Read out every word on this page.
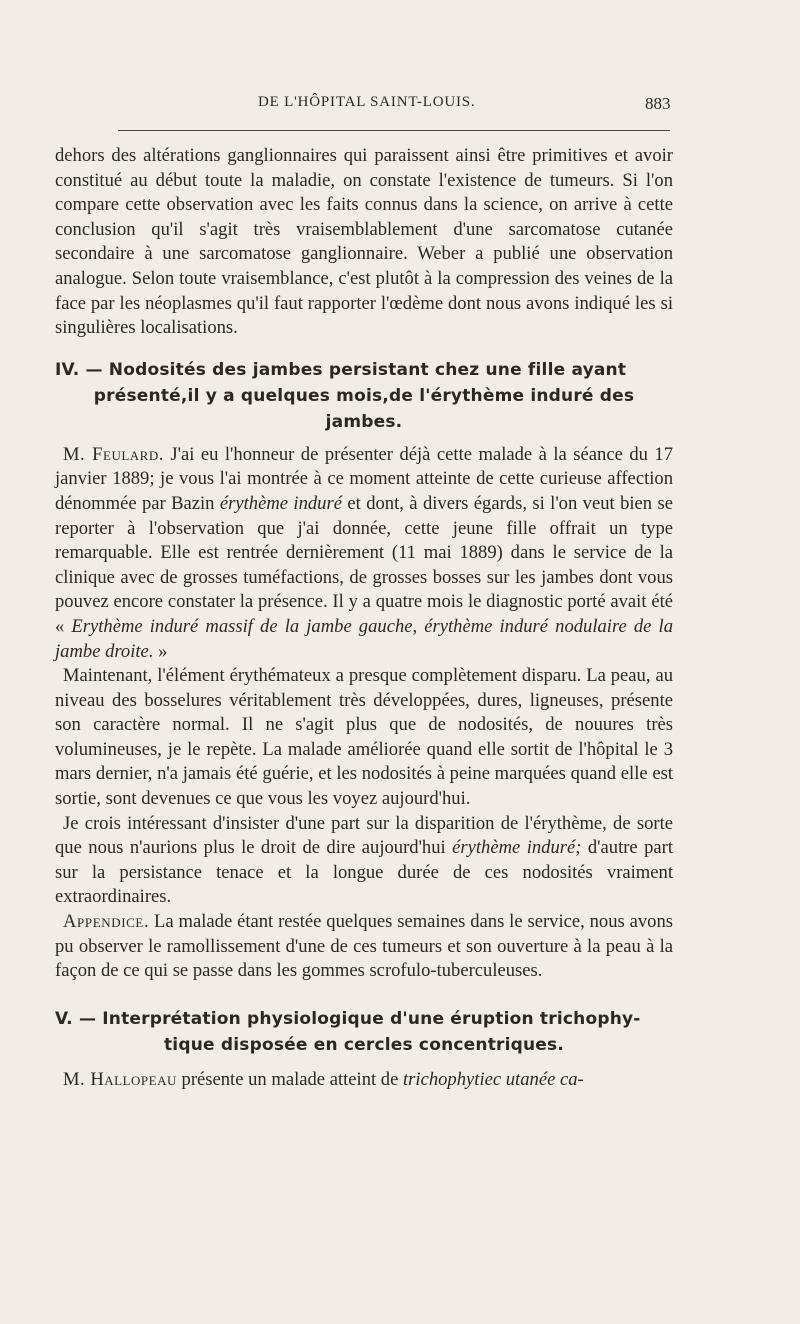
DE L'HÔPITAL SAINT-LOUIS.	883

dehors des altérations ganglionnaires qui paraissent ainsi être primitives et avoir constitué au début toute la maladie, on constate l'existence de tumeurs. Si l'on compare cette observation avec les faits connus dans la science, on arrive à cette conclusion qu'il s'agit très vraisemblablement d'une sarcomatose cutanée secondaire à une sarcomatose ganglionnaire. Weber a publié une observation analogue. Selon toute vraisemblance, c'est plutôt à la compression des veines de la face par les néoplasmes qu'il faut rapporter l'œdème dont nous avons indiqué les si singulières localisations.

IV. — Nodosités des jambes persistant chez une fille ayant
présenté,il y a quelques mois,de l'érythème induré des jambes.

M. Feulard. J'ai eu l'honneur de présenter déjà cette malade à la séance du 17 janvier 1889; je vous l'ai montrée à ce moment atteinte de cette curieuse affection dénommée par Bazin érythème induré et dont, à divers égards, si l'on veut bien se reporter à l'observation que j'ai donnée, cette jeune fille offrait un type remarquable. Elle est rentrée dernièrement (11 mai 1889) dans le service de la clinique avec de grosses tuméfactions, de grosses bosses sur les jambes dont vous pouvez encore constater la présence. Il y a quatre mois le diagnostic porté avait été « Erythème induré massif de la jambe gauche, érythème induré nodulaire de la jambe droite. »

Maintenant, l'élément érythémateux a presque complètement disparu. La peau, au niveau des bosselures véritablement très développées, dures, ligneuses, présente son caractère normal. Il ne s'agit plus que de nodosités, de nouures très volumineuses, je le repète. La malade améliorée quand elle sortit de l'hôpital le 3 mars dernier, n'a jamais été guérie, et les nodosités à peine marquées quand elle est sortie, sont devenues ce que vous les voyez aujourd'hui.

Je crois intéressant d'insister d'une part sur la disparition de l'érythème, de sorte que nous n'aurions plus le droit de dire aujourd'hui érythème induré; d'autre part sur la persistance tenace et la longue durée de ces nodosités vraiment extraordinaires.

Appendice. La malade étant restée quelques semaines dans le service, nous avons pu observer le ramollissement d'une de ces tumeurs et son ouverture à la peau à la façon de ce qui se passe dans les gommes scrofulo-tuberculeuses.

V. — Interprétation physiologique d'une éruption trichophy-
tique disposée en cercles concentriques.

M. Hallopeau présente un malade atteint de trichophytiec utanée ca-
